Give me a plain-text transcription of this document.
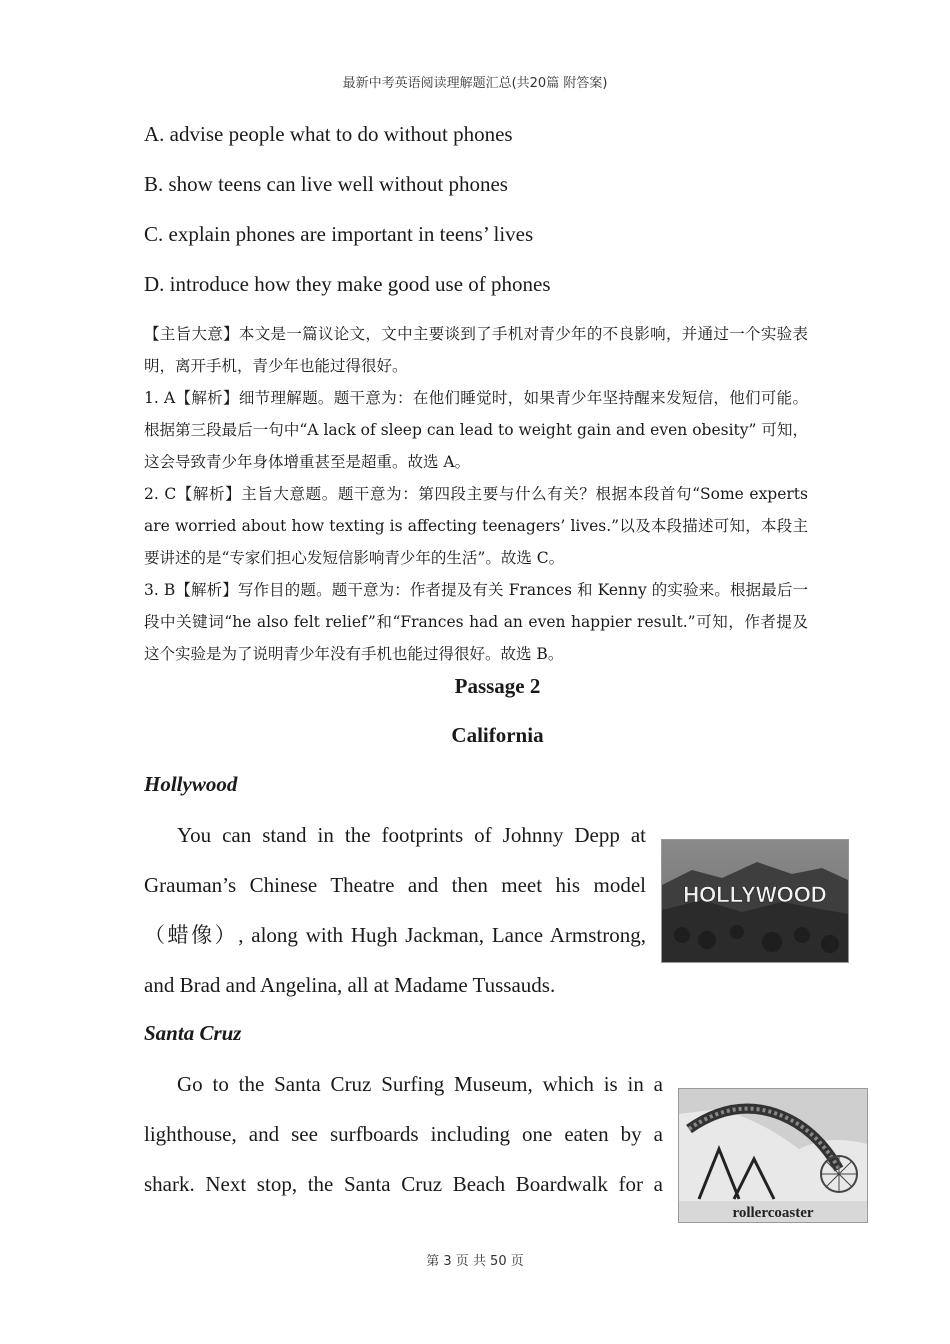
最新中考英语阅读理解题汇总(共20篇 附答案)
A. advise people what to do without phones
B. show teens can live well without phones
C. explain phones are important in teens’ lives
D. introduce how they make good use of phones
【主旨大意】本文是一篇议论文，文中主要谈到了手机对青少年的不良影响，并通过一个实验表明，离开手机，青少年也能过得很好。
1. A【解析】细节理解题。题干意为：在他们睡觉时，如果青少年坚持醒来发短信，他们可能。根据第三段最后一句中“A lack of sleep can lead to weight gain and even obesity” 可知，这会导致青少年身体增重甚至是超重。故选 A。
2. C【解析】主旨大意题。题干意为：第四段主要与什么有关？根据本段首句“Some experts are worried about how texting is affecting teenagers’ lives.”以及本段描述可知，本段主要讲述的是“专家们担心发短信影响青少年的生活”。故选 C。
3. B【解析】写作目的题。题干意为：作者提及有关 Frances 和 Kenny 的实验来。根据最后一段中关键词“he also felt relief”和“Frances had an even happier result.”可知，作者提及这个实验是为了说明青少年没有手机也能过得很好。故选 B。
Passage 2
California
Hollywood
You can stand in the footprints of Johnny Depp at
Grauman’s Chinese Theatre and then meet his model
（蜡像）, along with Hugh Jackman, Lance Armstrong,
and Brad and Angelina, all at Madame Tussauds.
HOLLYWOOD
Santa Cruz
Go to the Santa Cruz Surfing Museum, which is in a
lighthouse, and see surfboards including one eaten by a
shark. Next stop, the Santa Cruz Beach Boardwalk for a
rollercoaster
第 3 页 共 50 页
